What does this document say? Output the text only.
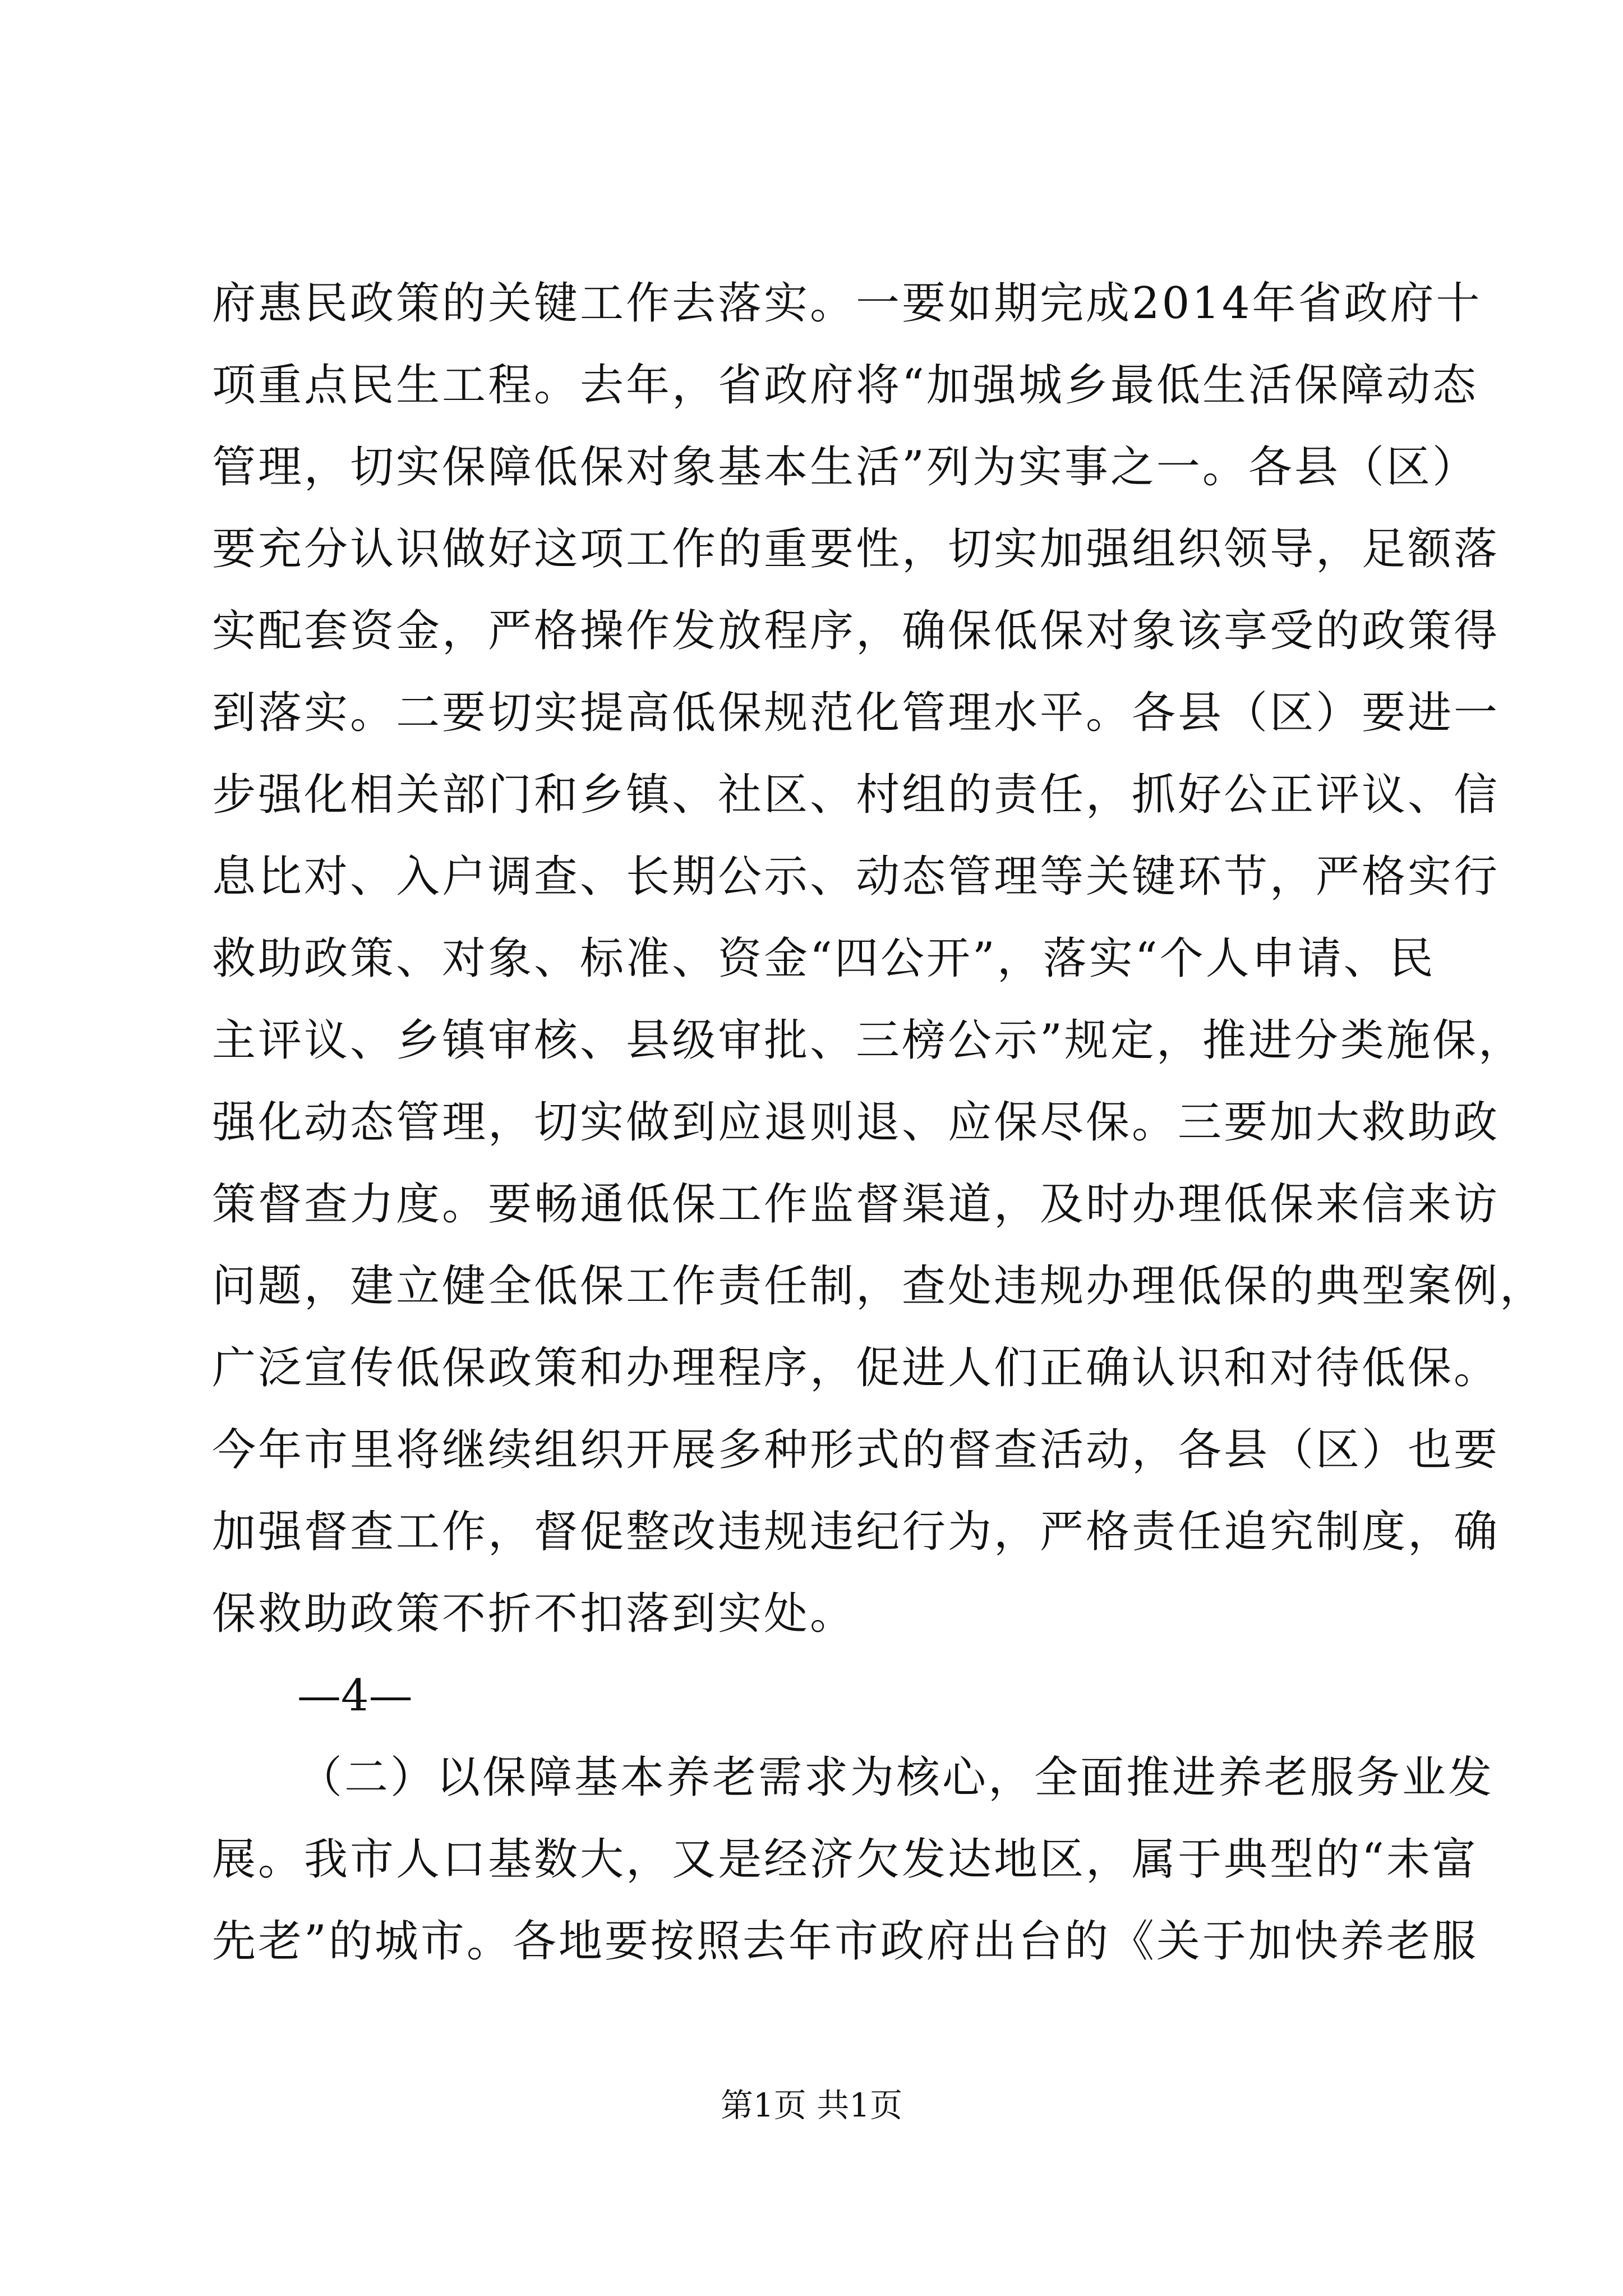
府惠民政策的关键工作去落实。一要如期完成2014年省政府十
项重点民生工程。去年，省政府将“加强城乡最低生活保障动态
管理，切实保障低保对象基本生活”列为实事之一。各县（区）
要充分认识做好这项工作的重要性，切实加强组织领导，足额落
实配套资金，严格操作发放程序，确保低保对象该享受的政策得
到落实。二要切实提高低保规范化管理水平。各县（区）要进一
步强化相关部门和乡镇、社区、村组的责任，抓好公正评议、信
息比对、入户调查、长期公示、动态管理等关键环节，严格实行
救助政策、对象、标准、资金“四公开”，落实“个人申请、民
主评议、乡镇审核、县级审批、三榜公示”规定，推进分类施保，
强化动态管理，切实做到应退则退、应保尽保。三要加大救助政
策督查力度。要畅通低保工作监督渠道，及时办理低保来信来访
问题，建立健全低保工作责任制，查处违规办理低保的典型案例，
广泛宣传低保政策和办理程序，促进人们正确认识和对待低保。
今年市里将继续组织开展多种形式的督查活动，各县（区）也要
加强督查工作，督促整改违规违纪行为，严格责任追究制度，确
保救助政策不折不扣落到实处。
—4—
（二）以保障基本养老需求为核心，全面推进养老服务业发
展。我市人口基数大，又是经济欠发达地区，属于典型的“未富
先老”的城市。各地要按照去年市政府出台的《关于加快养老服
第1页 共1页
